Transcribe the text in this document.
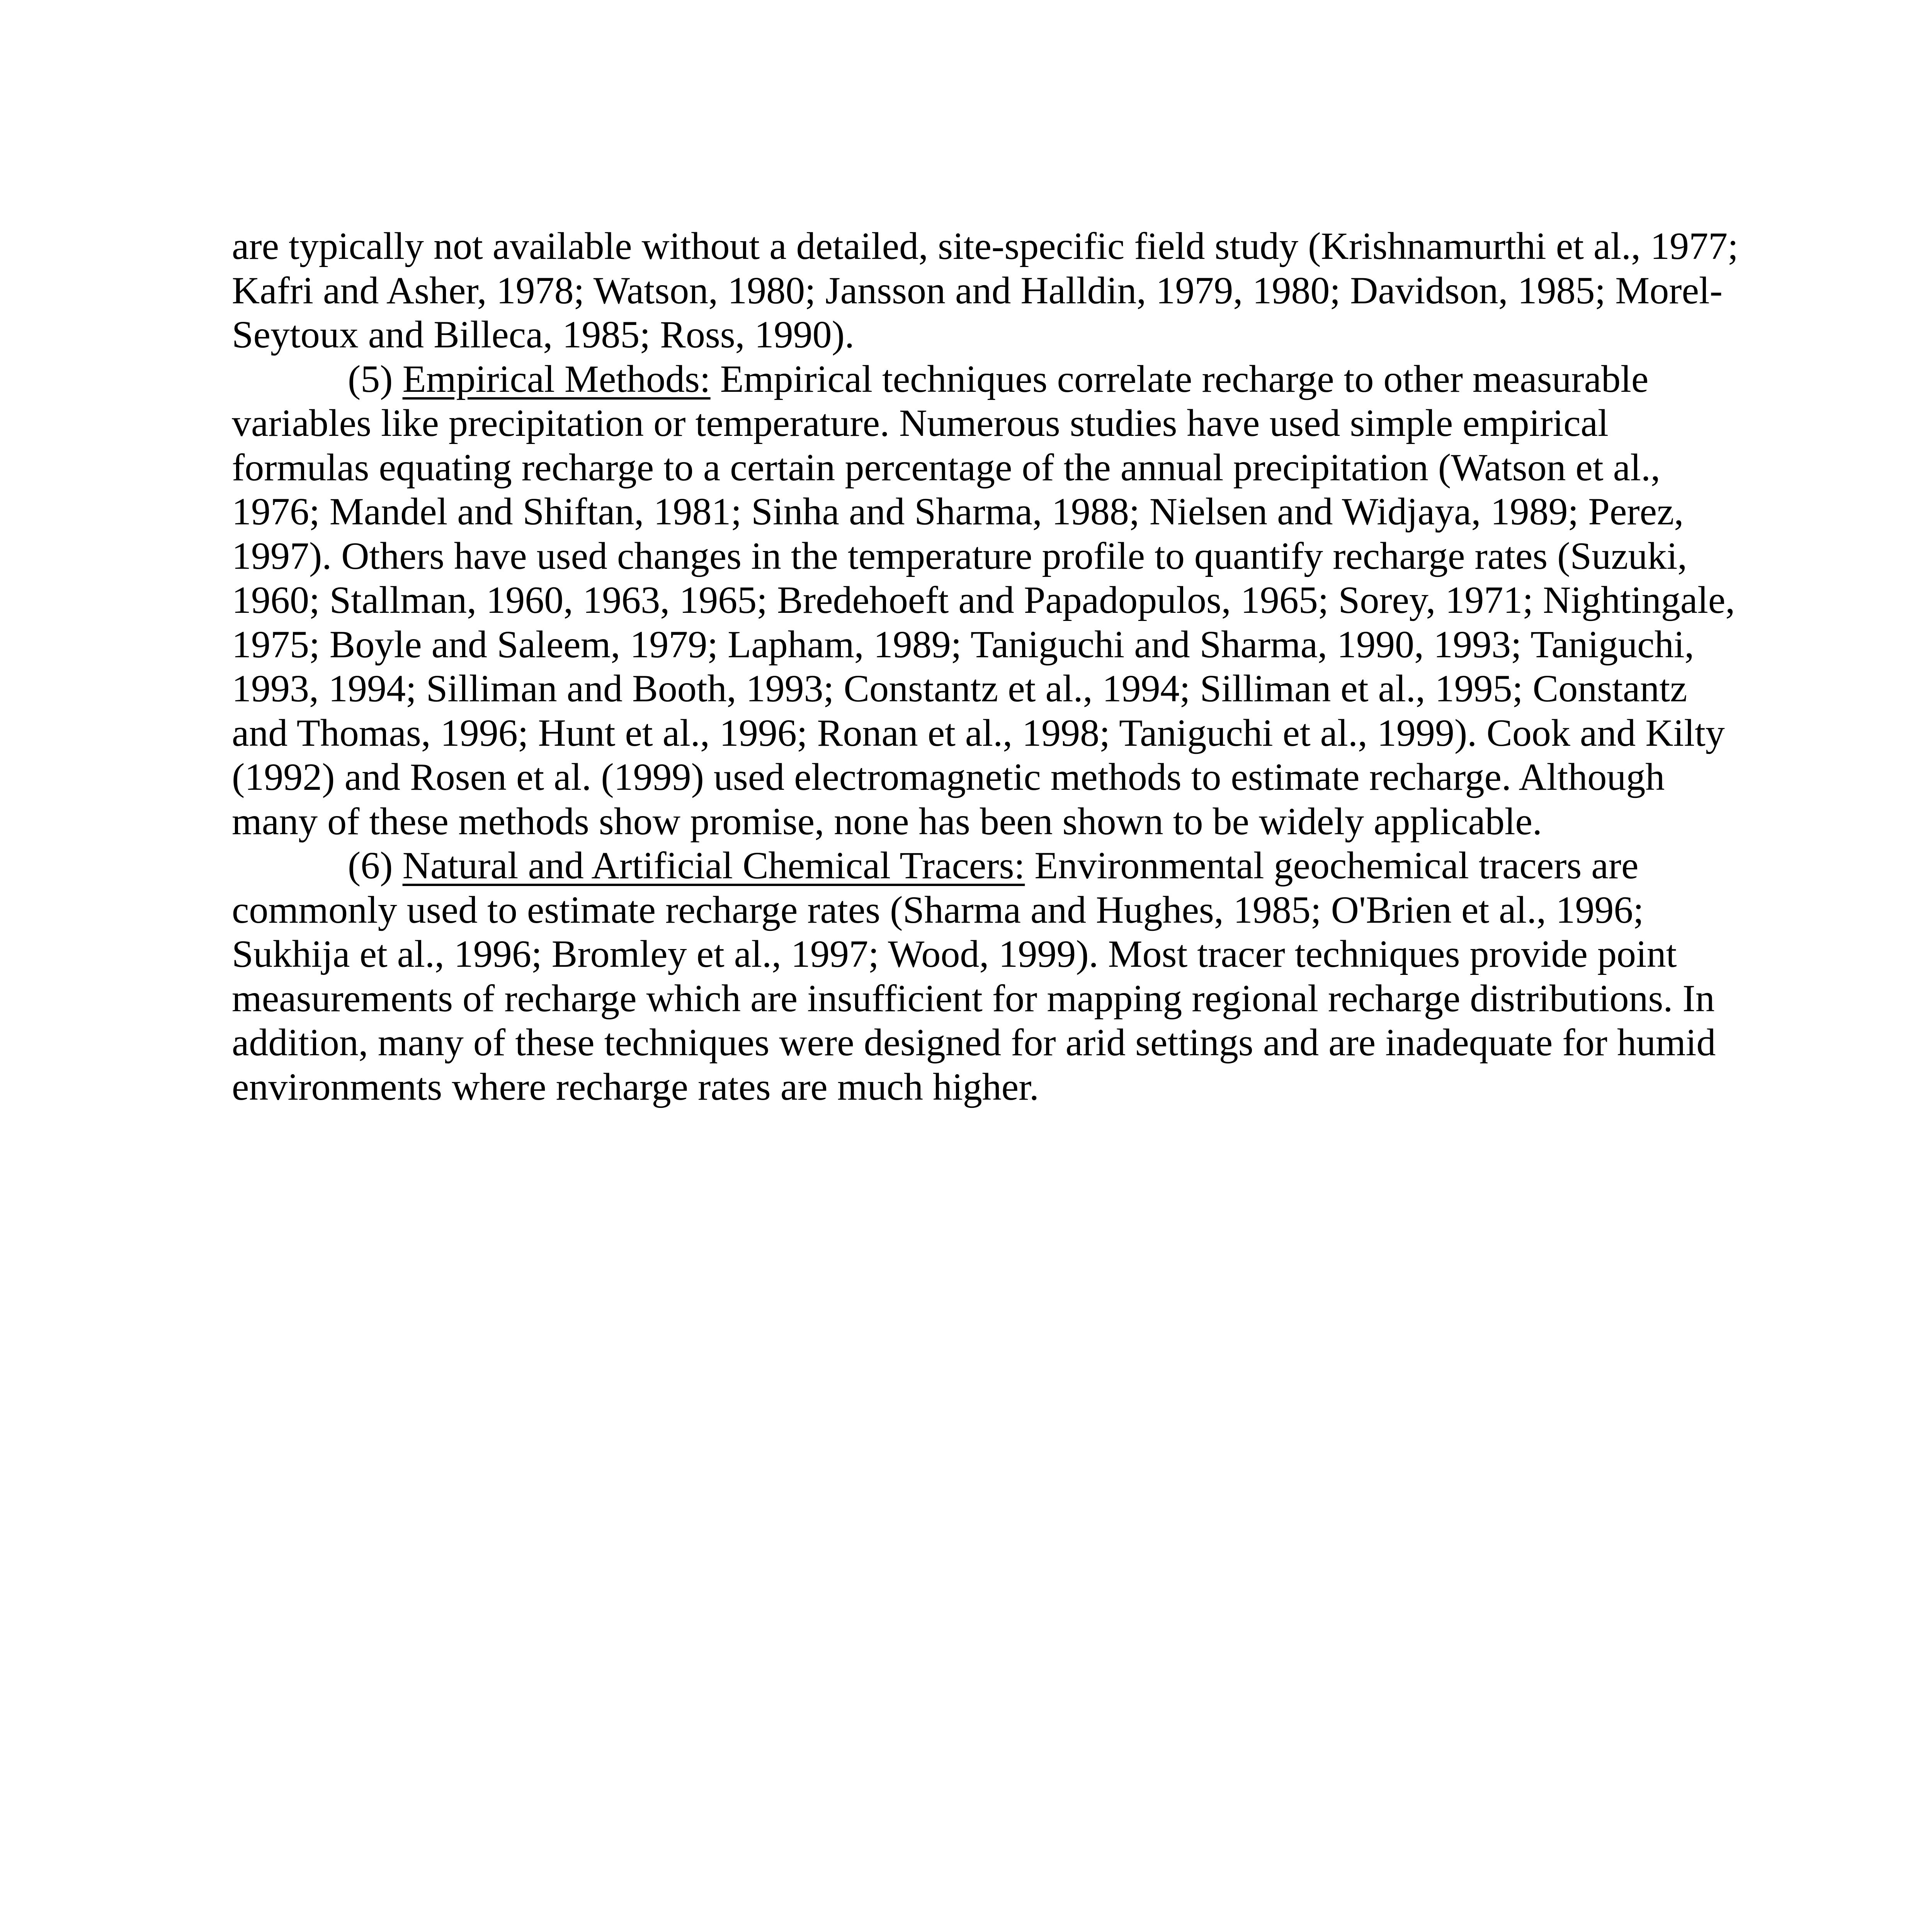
are typically not available without a detailed, site-specific field study (Krishnamurthi et al., 1977;
Kafri and Asher, 1978; Watson, 1980; Jansson and Halldin, 1979, 1980; Davidson, 1985; Morel-
Seytoux and Billeca, 1985; Ross, 1990).

(5) Empirical Methods: Empirical techniques correlate recharge to other measurable
variables like precipitation or temperature. Numerous studies have used simple empirical
formulas equating recharge to a certain percentage of the annual precipitation (Watson et al.,
1976; Mandel and Shiftan, 1981; Sinha and Sharma, 1988; Nielsen and Widjaya, 1989; Perez,
1997). Others have used changes in the temperature profile to quantify recharge rates (Suzuki,
1960; Stallman, 1960, 1963, 1965; Bredehoeft and Papadopulos, 1965; Sorey, 1971; Nightingale,
1975; Boyle and Saleem, 1979; Lapham, 1989; Taniguchi and Sharma, 1990, 1993; Taniguchi,
1993, 1994; Silliman and Booth, 1993; Constantz et al., 1994; Silliman et al., 1995; Constantz
and Thomas, 1996; Hunt et al., 1996; Ronan et al., 1998; Taniguchi et al., 1999). Cook and Kilty
(1992) and Rosen et al. (1999) used electromagnetic methods to estimate recharge. Although
many of these methods show promise, none has been shown to be widely applicable.

(6) Natural and Artificial Chemical Tracers: Environmental geochemical tracers are
commonly used to estimate recharge rates (Sharma and Hughes, 1985; O'Brien et al., 1996;
Sukhija et al., 1996; Bromley et al., 1997; Wood, 1999). Most tracer techniques provide point
measurements of recharge which are insufficient for mapping regional recharge distributions. In
addition, many of these techniques were designed for arid settings and are inadequate for humid
environments where recharge rates are much higher.
